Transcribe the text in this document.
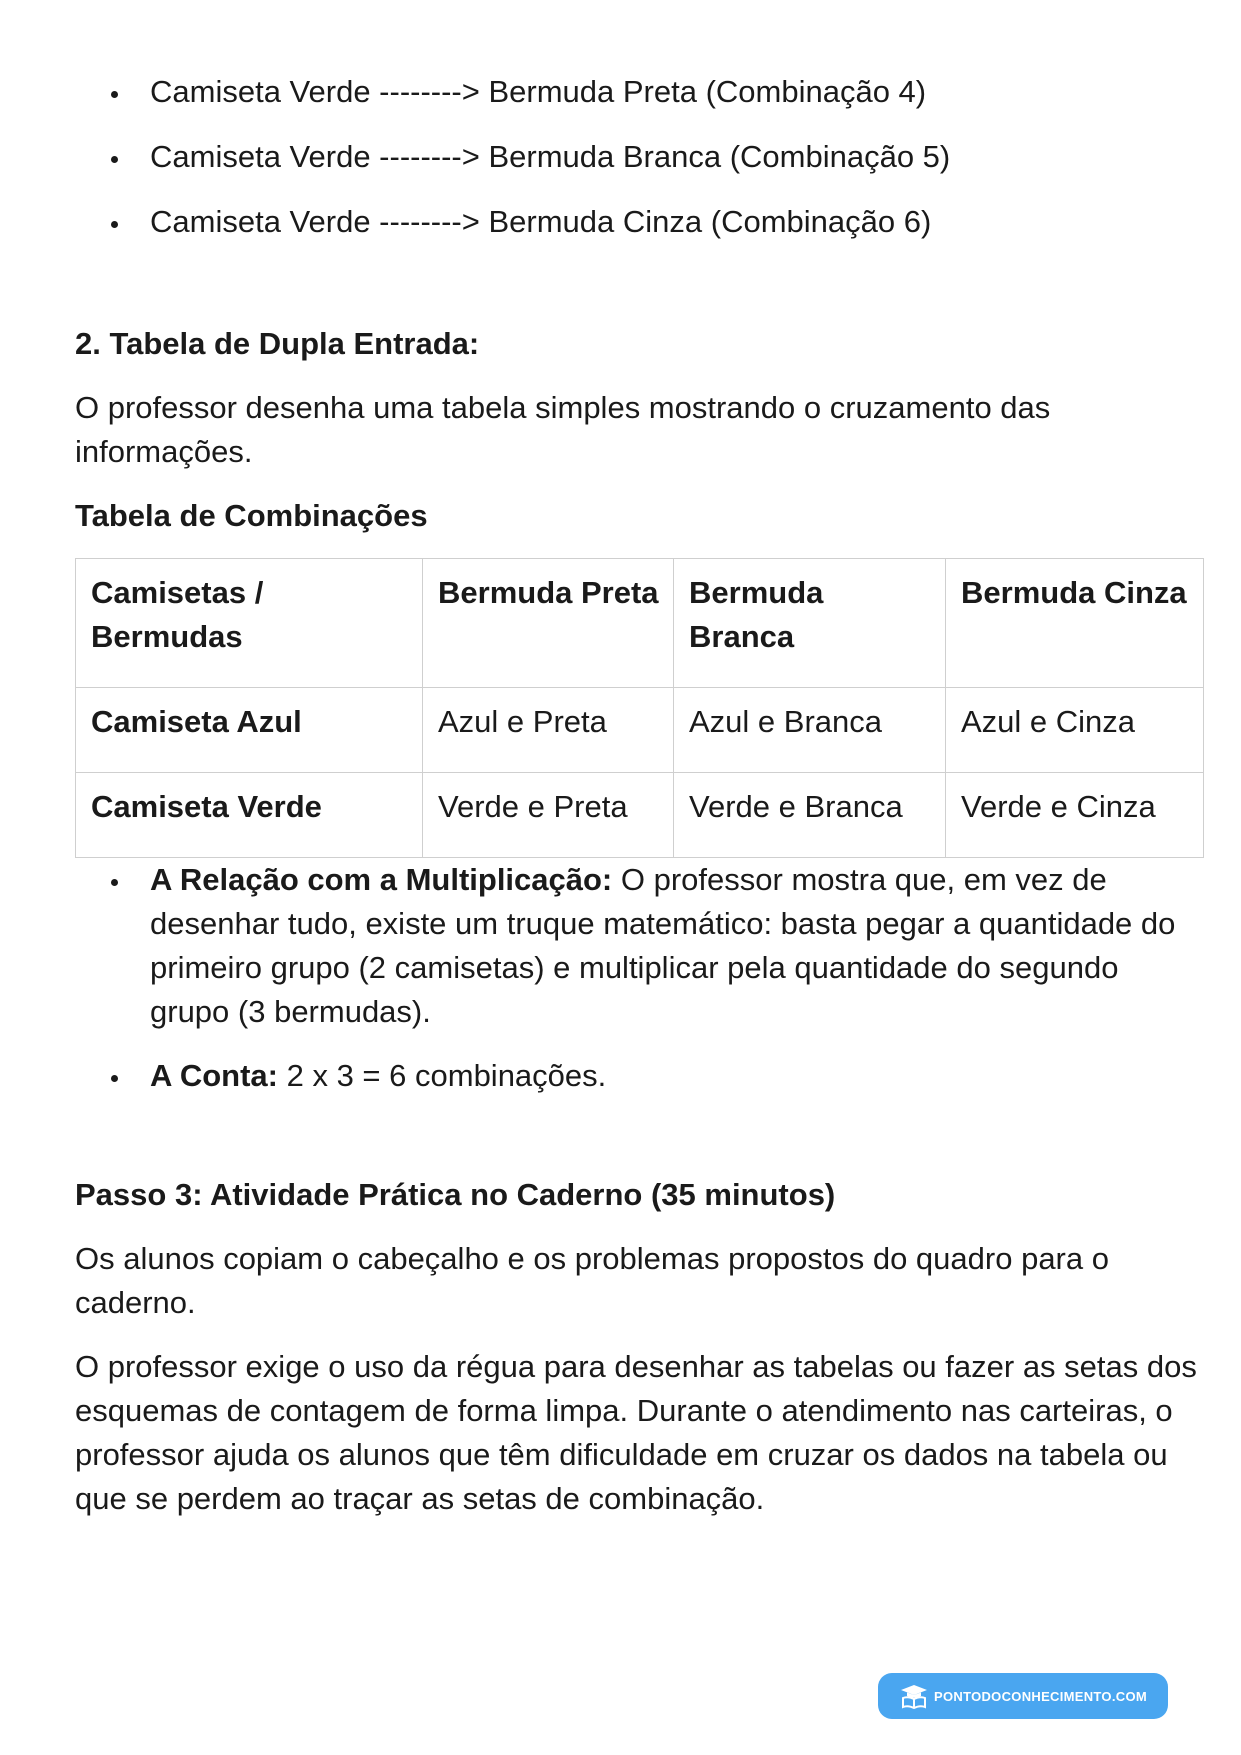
Camiseta Verde --------> Bermuda Preta (Combinação 4)
Camiseta Verde --------> Bermuda Branca (Combinação 5)
Camiseta Verde --------> Bermuda Cinza (Combinação 6)
2. Tabela de Dupla Entrada:

O professor desenha uma tabela simples mostrando o cruzamento das informações.

Tabela de Combinações
Camisetas / Bermudas	Bermuda Preta	Bermuda Branca	Bermuda Cinza
Camiseta Azul	Azul e Preta	Azul e Branca	Azul e Cinza
Camiseta Verde	Verde e Preta	Verde e Branca	Verde e Cinza
A Relação com a Multiplicação: O professor mostra que, em vez de desenhar tudo, existe um truque matemático: basta pegar a quantidade do primeiro grupo (2 camisetas) e multiplicar pela quantidade do segundo grupo (3 bermudas).
A Conta: 2 x 3 = 6 combinações.
Passo 3: Atividade Prática no Caderno (35 minutos)

Os alunos copiam o cabeçalho e os problemas propostos do quadro para o caderno.

O professor exige o uso da régua para desenhar as tabelas ou fazer as setas dos esquemas de contagem de forma limpa. Durante o atendimento nas carteiras, o professor ajuda os alunos que têm dificuldade em cruzar os dados na tabela ou que se perdem ao traçar as setas de combinação.

PONTODOCONHECIMENTO.COM
